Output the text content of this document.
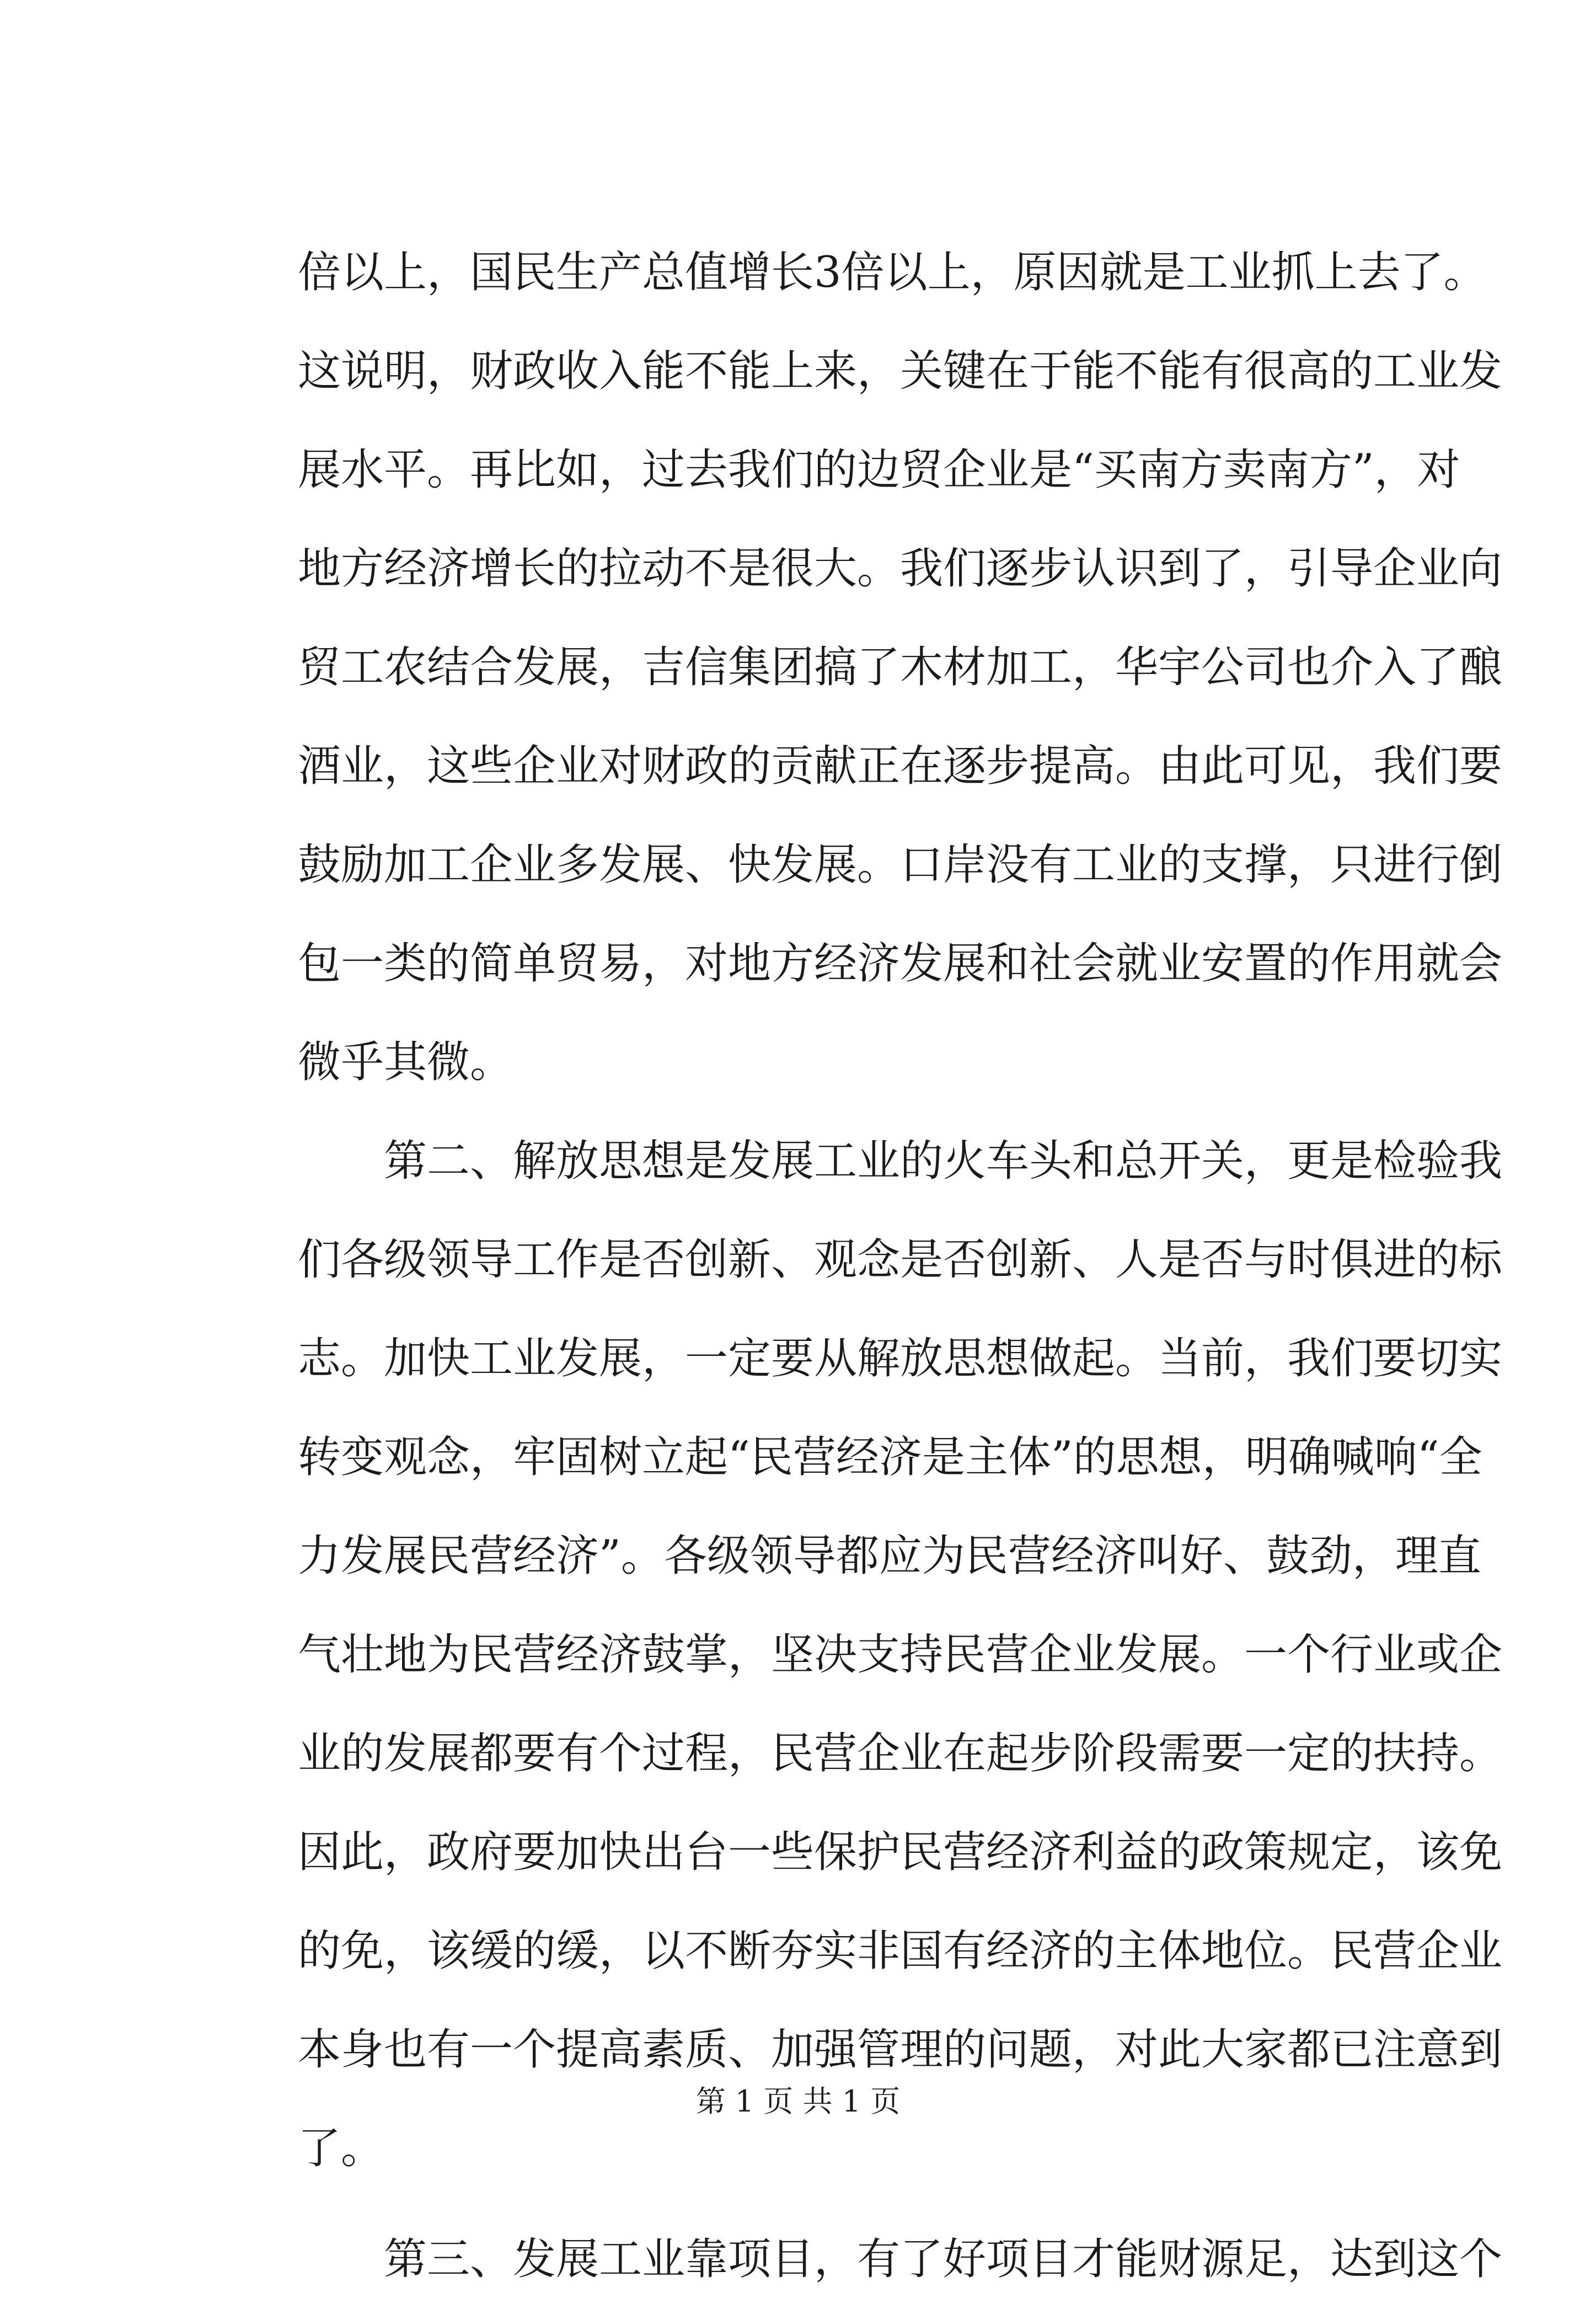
倍以上，国民生产总值增长3倍以上，原因就是工业抓上去了。
这说明，财政收入能不能上来，关键在于能不能有很高的工业发
展水平。再比如，过去我们的边贸企业是“买南方卖南方”，对
地方经济增长的拉动不是很大。我们逐步认识到了，引导企业向
贸工农结合发展，吉信集团搞了木材加工，华宇公司也介入了酿
酒业，这些企业对财政的贡献正在逐步提高。由此可见，我们要
鼓励加工企业多发展、快发展。口岸没有工业的支撑，只进行倒
包一类的简单贸易，对地方经济发展和社会就业安置的作用就会
微乎其微。
第二、解放思想是发展工业的火车头和总开关，更是检验我
们各级领导工作是否创新、观念是否创新、人是否与时俱进的标
志。加快工业发展，一定要从解放思想做起。当前，我们要切实
转变观念，牢固树立起“民营经济是主体”的思想，明确喊响“全
力发展民营经济”。各级领导都应为民营经济叫好、鼓劲，理直
气壮地为民营经济鼓掌，坚决支持民营企业发展。一个行业或企
业的发展都要有个过程，民营企业在起步阶段需要一定的扶持。
因此，政府要加快出台一些保护民营经济利益的政策规定，该免
的免，该缓的缓，以不断夯实非国有经济的主体地位。民营企业
本身也有一个提高素质、加强管理的问题，对此大家都已注意到
了。
第三、发展工业靠项目，有了好项目才能财源足，达到这个
第 1 页 共 1 页
